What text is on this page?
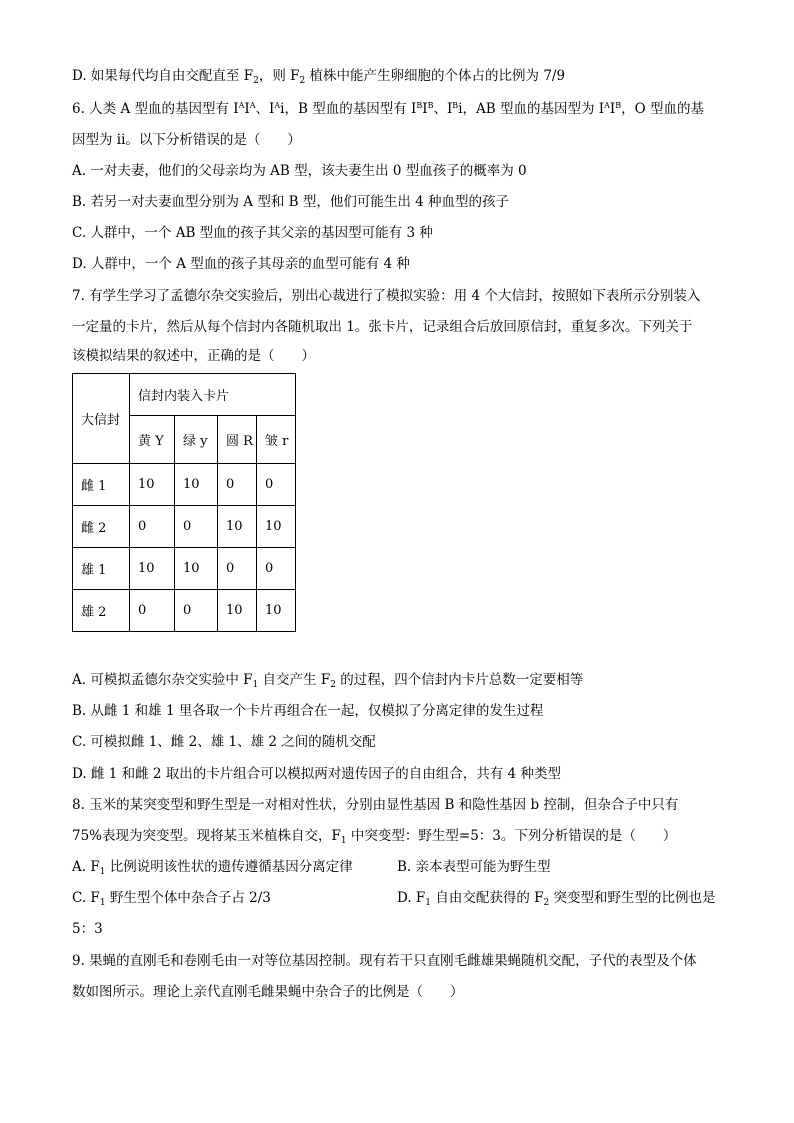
D. 如果每代均自由交配直至 $F_2$，则 $F_2$ 植株中能产生卵细胞的个体占的比例为 7/9
6. 人类 A 型血的基因型有 $I^AI^A$、$I^Ai$，B 型血的基因型有 $I^BI^B$、$I^Bi$，AB 型血的基因型为 $I^AI^B$，O 型血的基
因型为 ii。以下分析错误的是（　　）
A. 一对夫妻，他们的父母亲均为 AB 型，该夫妻生出 0 型血孩子的概率为 0
B. 若另一对夫妻血型分别为 A 型和 B 型，他们可能生出 4 种血型的孩子
C. 人群中，一个 AB 型血的孩子其父亲的基因型可能有 3 种
D. 人群中，一个 A 型血的孩子其母亲的血型可能有 4 种
7. 有学生学习了孟德尔杂交实验后，别出心裁进行了模拟实验：用 4 个大信封，按照如下表所示分别装入
一定量的卡片，然后从每个信封内各随机取出 1。张卡片，记录组合后放回原信封，重复多次。下列关于
该模拟结果的叙述中，正确的是（　　）
大信封	信封内装入卡片			
	黄 Y	绿 y	圆 R	皱 r
雌 1	10	10	0	0
雌 2	0	0	10	10
雄 1	10	10	0	0
雄 2	0	0	10	10
A. 可模拟孟德尔杂交实验中 $F_1$ 自交产生 $F_2$ 的过程，四个信封内卡片总数一定要相等
B. 从雌 1 和雄 1 里各取一个卡片再组合在一起，仅模拟了分离定律的发生过程
C. 可模拟雌 1、雌 2、雄 1、雄 2 之间的随机交配
D. 雌 1 和雌 2 取出的卡片组合可以模拟两对遗传因子的自由组合，共有 4 种类型
8. 玉米的某突变型和野生型是一对相对性状，分别由显性基因 B 和隐性基因 b 控制，但杂合子中只有
75%表现为突变型。现将某玉米植株自交，$F_1$ 中突变型：野生型=5：3。下列分析错误的是（　　）
A. $F_1$ 比例说明该性状的遗传遵循基因分离定律	B. 亲本表型可能为野生型
C. $F_1$ 野生型个体中杂合子占 2/3	D. $F_1$ 自由交配获得的 $F_2$ 突变型和野生型的比例也是
5：3
9. 果蝇的直刚毛和卷刚毛由一对等位基因控制。现有若干只直刚毛雌雄果蝇随机交配，子代的表型及个体
数如图所示。理论上亲代直刚毛雌果蝇中杂合子的比例是（　　）
